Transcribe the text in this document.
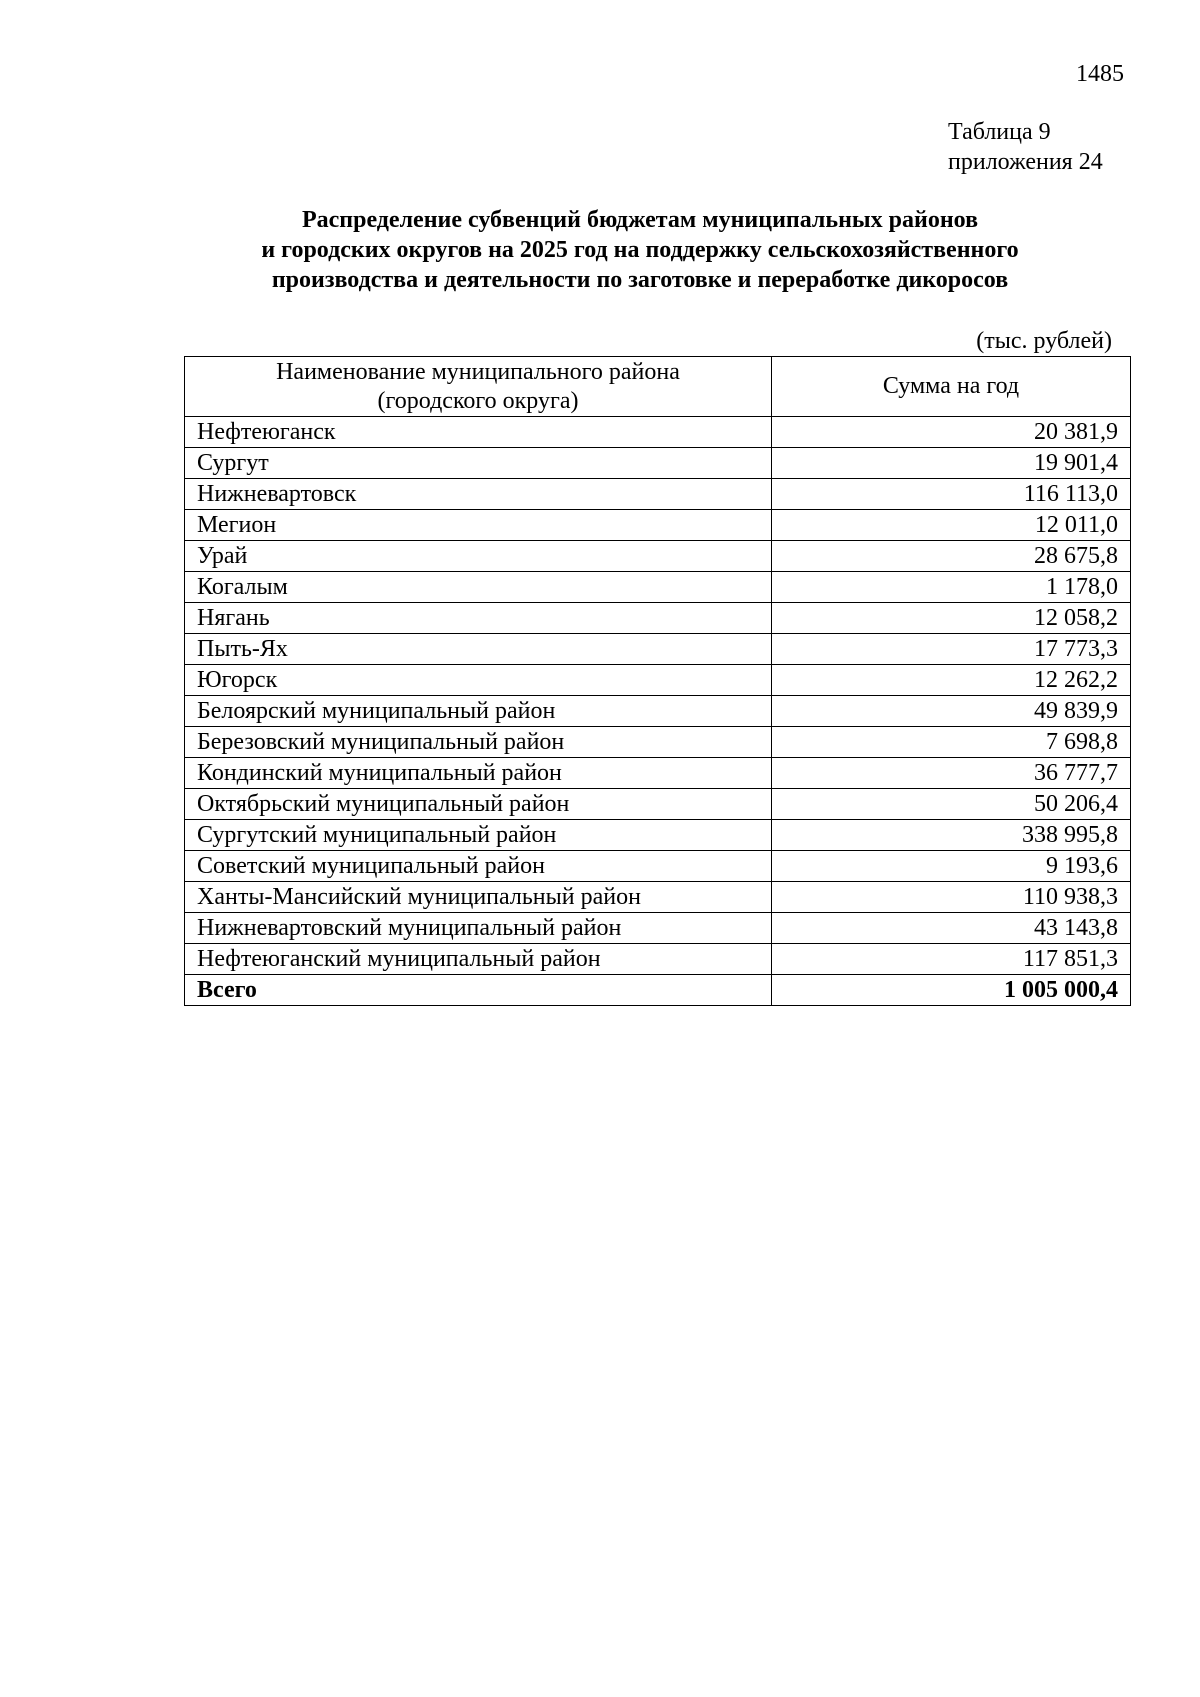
1485
Таблица 9
приложения 24
Распределение субвенций бюджетам муниципальных районов
и городских округов на 2025 год на поддержку сельскохозяйственного
производства и деятельности по заготовке и переработке дикоросов
(тыс. рублей)
Наименование муниципального района
(городского округа)	Сумма на год
Нефтеюганск	20 381,9
Сургут	19 901,4
Нижневартовск	116 113,0
Мегион	12 011,0
Урай	28 675,8
Когалым	1 178,0
Нягань	12 058,2
Пыть-Ях	17 773,3
Югорск	12 262,2
Белоярский муниципальный район	49 839,9
Березовский муниципальный район	7 698,8
Кондинский муниципальный район	36 777,7
Октябрьский муниципальный район	50 206,4
Сургутский муниципальный район	338 995,8
Советский муниципальный район	9 193,6
Ханты-Мансийский муниципальный район	110 938,3
Нижневартовский муниципальный район	43 143,8
Нефтеюганский муниципальный район	117 851,3
Всего	1 005 000,4
